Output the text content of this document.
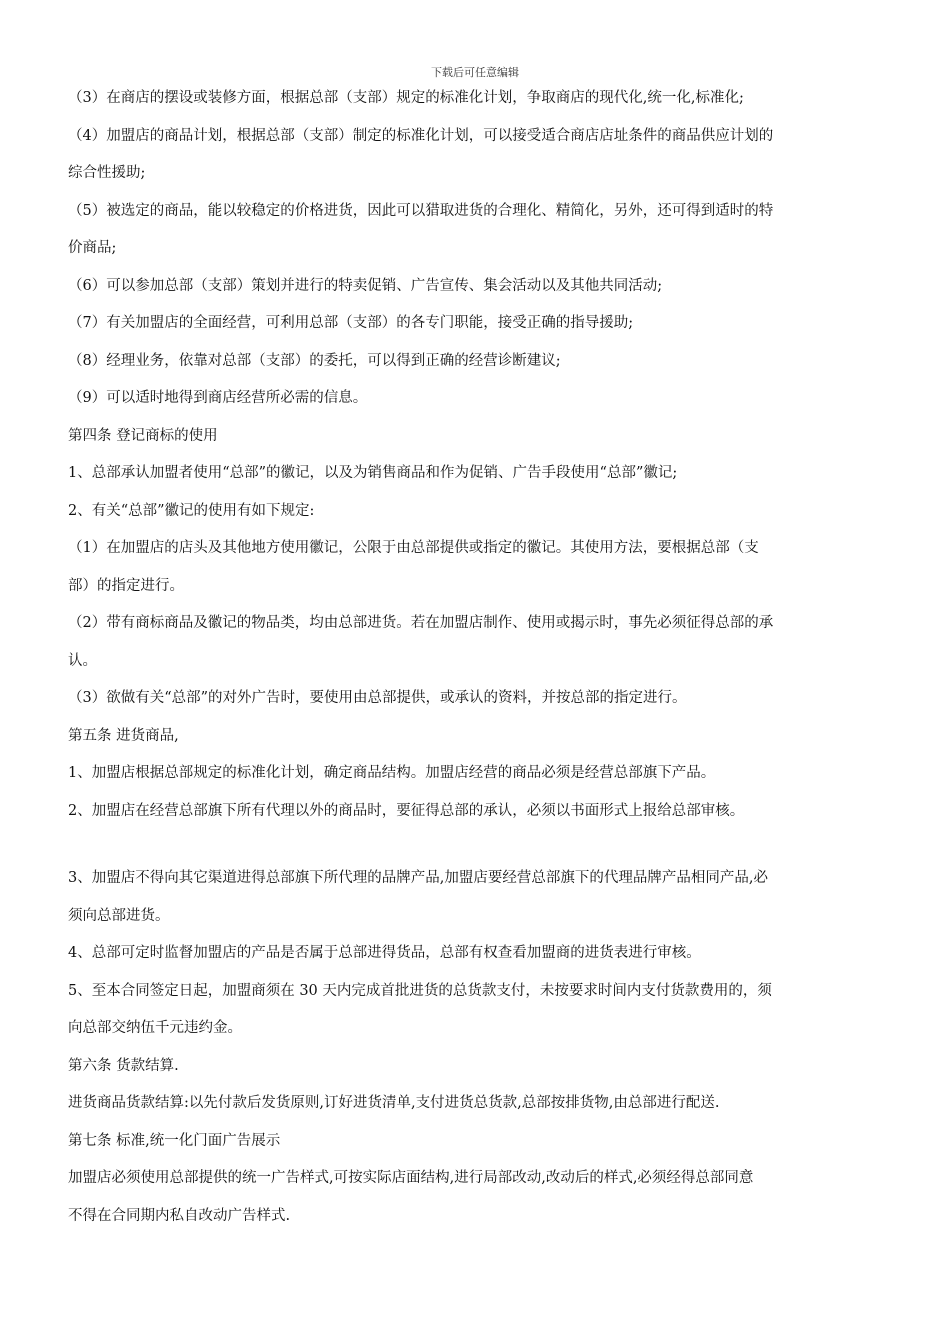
下载后可任意编辑
（3）在商店的摆设或装修方面，根据总部（支部）规定的标准化计划，争取商店的现代化,统一化,标准化;
（4）加盟店的商品计划，根据总部（支部）制定的标准化计划，可以接受适合商店店址条件的商品供应计划的
综合性援助;
（5）被选定的商品，能以较稳定的价格进货，因此可以猎取进货的合理化、精简化，另外，还可得到适时的特
价商品;
（6）可以参加总部（支部）策划并进行的特卖促销、广告宣传、集会活动以及其他共同活动;
（7）有关加盟店的全面经营，可利用总部（支部）的各专门职能，接受正确的指导援助;
（8）经理业务，依靠对总部（支部）的委托，可以得到正确的经营诊断建议;
（9）可以适时地得到商店经营所必需的信息。
第四条 登记商标的使用
1、总部承认加盟者使用“总部”的徽记，以及为销售商品和作为促销、广告手段使用“总部”徽记;
2、有关“总部”徽记的使用有如下规定:
（1）在加盟店的店头及其他地方使用徽记，公限于由总部提供或指定的徽记。其使用方法，要根据总部（支
部）的指定进行。
（2）带有商标商品及徽记的物品类，均由总部进货。若在加盟店制作、使用或揭示时，事先必须征得总部的承
认。
（3）欲做有关“总部”的对外广告时，要使用由总部提供，或承认的资料，并按总部的指定进行。
第五条 进货商品,
1、加盟店根据总部规定的标准化计划，确定商品结构。加盟店经营的商品必须是经营总部旗下产品。
2、加盟店在经营总部旗下所有代理以外的商品时，要征得总部的承认，必须以书面形式上报给总部审核。
3、加盟店不得向其它渠道进得总部旗下所代理的品牌产品,加盟店要经营总部旗下的代理品牌产品相同产品,必
须向总部进货。
4、总部可定时监督加盟店的产品是否属于总部进得货品，总部有权查看加盟商的进货表进行审核。
5、至本合同签定日起，加盟商须在 30 天内完成首批进货的总货款支付，未按要求时间内支付货款费用的，须
向总部交纳伍千元违约金。
第六条 货款结算.
进货商品货款结算:以先付款后发货原则,订好进货清单,支付进货总货款,总部按排货物,由总部进行配送.
第七条 标准,统一化门面广告展示
加盟店必须使用总部提供的统一广告样式,可按实际店面结构,进行局部改动,改动后的样式,必须经得总部同意
不得在合同期内私自改动广告样式.
